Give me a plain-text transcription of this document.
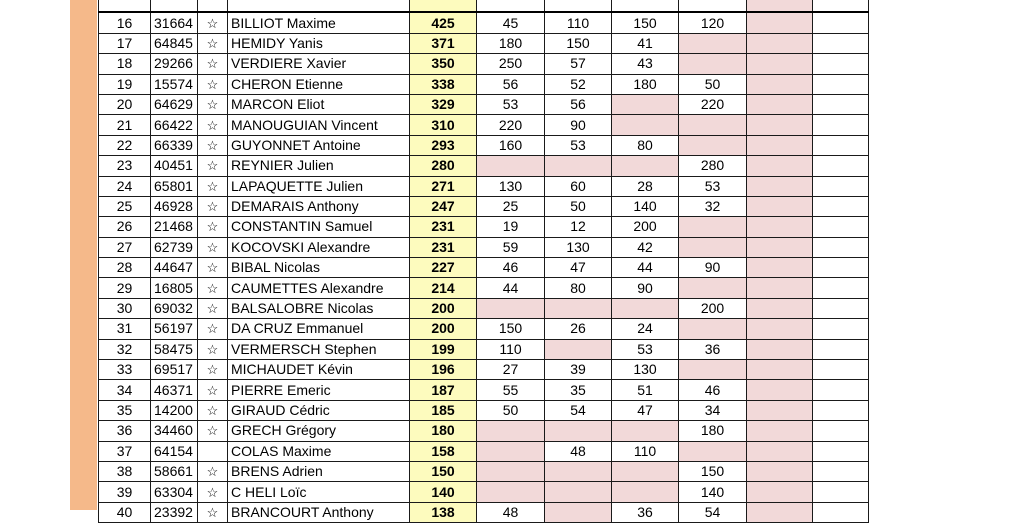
16	31664	☆	BILLIOT Maxime	425	45	110	150	120		
17	64845	☆	HEMIDY Yanis	371	180	150	41			
18	29266	☆	VERDIERE Xavier	350	250	57	43			
19	15574	☆	CHERON Etienne	338	56	52	180	50		
20	64629	☆	MARCON Eliot	329	53	56		220		
21	66422	☆	MANOUGUIAN Vincent	310	220	90				
22	66339	☆	GUYONNET Antoine	293	160	53	80			
23	40451	☆	REYNIER Julien	280				280		
24	65801	☆	LAPAQUETTE Julien	271	130	60	28	53		
25	46928	☆	DEMARAIS Anthony	247	25	50	140	32		
26	21468	☆	CONSTANTIN Samuel	231	19	12	200			
27	62739	☆	KOCOVSKI Alexandre	231	59	130	42			
28	44647	☆	BIBAL Nicolas	227	46	47	44	90		
29	16805	☆	CAUMETTES Alexandre	214	44	80	90			
30	69032	☆	BALSALOBRE Nicolas	200				200		
31	56197	☆	DA CRUZ Emmanuel	200	150	26	24			
32	58475	☆	VERMERSCH Stephen	199	110		53	36		
33	69517	☆	MICHAUDET Kévin	196	27	39	130			
34	46371	☆	PIERRE Emeric	187	55	35	51	46		
35	14200	☆	GIRAUD Cédric	185	50	54	47	34		
36	34460	☆	GRECH Grégory	180				180		
37	64154		COLAS Maxime	158		48	110			
38	58661	☆	BRENS Adrien	150				150		
39	63304	☆	C HELI Loïc	140				140		
40	23392	☆	BRANCOURT Anthony	138	48		36	54		
